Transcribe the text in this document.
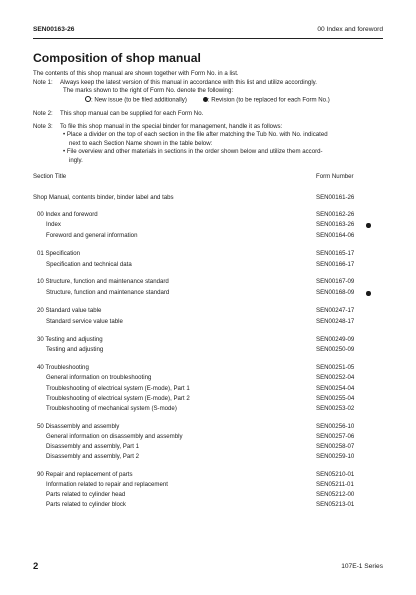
SEN00163-26	00 Index and foreword
Composition of shop manual
The contents of this shop manual are shown together with Form No. in a list.
Note 1: Always keep the latest version of this manual in accordance with this list and utilize accordingly.
The marks shown to the right of Form No. denote the following:
: New issue (to be filed additionally)	: Revision (to be replaced for each Form No.)
Note 2: This shop manual can be supplied for each Form No.
Note 3: To file this shop manual in the special binder for management, handle it as follows:
• Place a divider on the top of each section in the file after matching the Tub No. with No. indicated
next to each Section Name shown in the table below:
• File overview and other materials in sections in the order shown below and utilize them accord-
ingly.
Section Title	Form Number
Shop Manual, contents binder, binder label and tabs	SEN00161-26
00 Index and foreword	SEN00162-26
Index	SEN00163-26
Foreword and general information	SEN00164-06
01 Specification	SEN00165-17
Specification and technical data	SEN00166-17
10 Structure, function and maintenance standard	SEN00167-09
Structure, function and maintenance standard	SEN00168-09
20 Standard value table	SEN00247-17
Standard service value table	SEN00248-17
30 Testing and adjusting	SEN00249-09
Testing and adjusting	SEN00250-09
40 Troubleshooting	SEN00251-05
General information on troubleshooting	SEN00252-04
Troubleshooting of electrical system (E-mode), Part 1	SEN00254-04
Troubleshooting of electrical system (E-mode), Part 2	SEN00255-04
Troubleshooting of mechanical system (S-mode)	SEN00253-02
50 Disassembly and assembly	SEN00256-10
General information on disassembly and assembly	SEN00257-06
Disassembly and assembly, Part 1	SEN00258-07
Disassembly and assembly, Part 2	SEN00259-10
90 Repair and replacement of parts	SEN05210-01
Information related to repair and replacement	SEN05211-01
Parts related to cylinder head	SEN05212-00
Parts related to cylinder block	SEN05213-01
2	107E-1 Series
